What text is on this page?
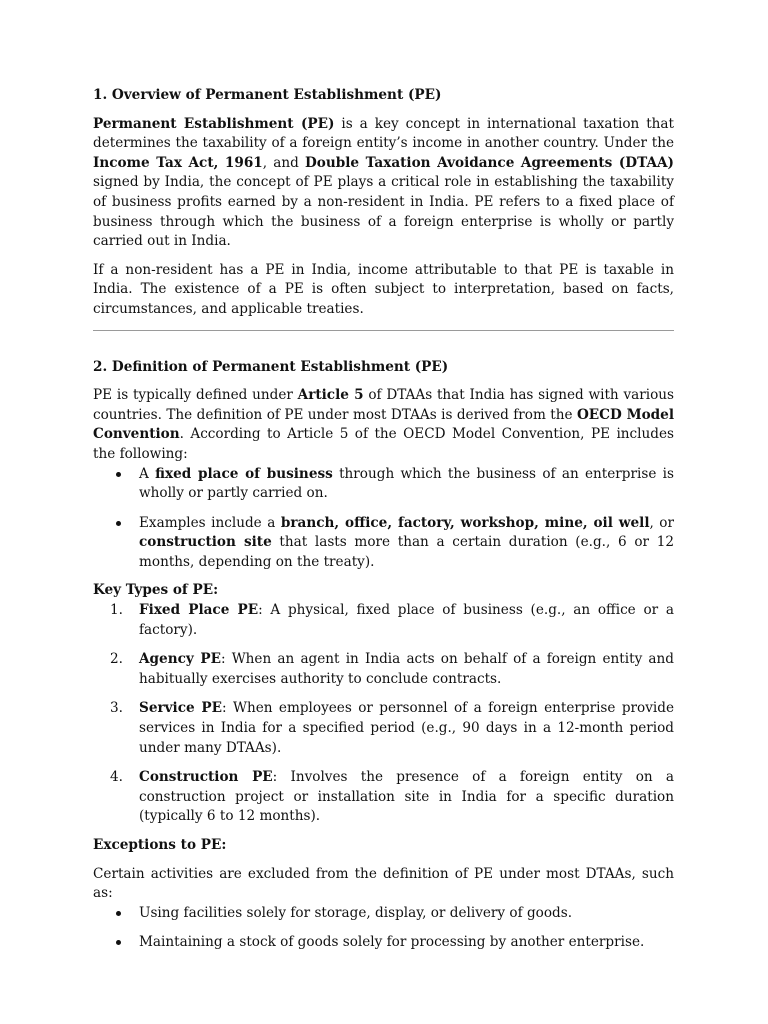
1. Overview of Permanent Establishment (PE)

Permanent Establishment (PE) is a key concept in international taxation that determines the taxability of a foreign entity’s income in another country. Under the Income Tax Act, 1961, and Double Taxation Avoidance Agreements (DTAA) signed by India, the concept of PE plays a critical role in establishing the taxability of business profits earned by a non-resident in India. PE refers to a fixed place of business through which the business of a foreign enterprise is wholly or partly carried out in India.

If a non-resident has a PE in India, income attributable to that PE is taxable in India. The existence of a PE is often subject to interpretation, based on facts, circumstances, and applicable treaties.

2. Definition of Permanent Establishment (PE)

PE is typically defined under Article 5 of DTAAs that India has signed with various countries. The definition of PE under most DTAAs is derived from the OECD Model Convention. According to Article 5 of the OECD Model Convention, PE includes the following:

A fixed place of business through which the business of an enterprise is wholly or partly carried on.
Examples include a branch, office, factory, workshop, mine, oil well, or construction site that lasts more than a certain duration (e.g., 6 or 12 months, depending on the treaty).

Key Types of PE:

1. Fixed Place PE: A physical, fixed place of business (e.g., an office or a factory).
2. Agency PE: When an agent in India acts on behalf of a foreign entity and habitually exercises authority to conclude contracts.
3. Service PE: When employees or personnel of a foreign enterprise provide services in India for a specified period (e.g., 90 days in a 12-month period under many DTAAs).
4. Construction PE: Involves the presence of a foreign entity on a construction project or installation site in India for a specific duration (typically 6 to 12 months).

Exceptions to PE:

Certain activities are excluded from the definition of PE under most DTAAs, such as:

Using facilities solely for storage, display, or delivery of goods.
Maintaining a stock of goods solely for processing by another enterprise.
